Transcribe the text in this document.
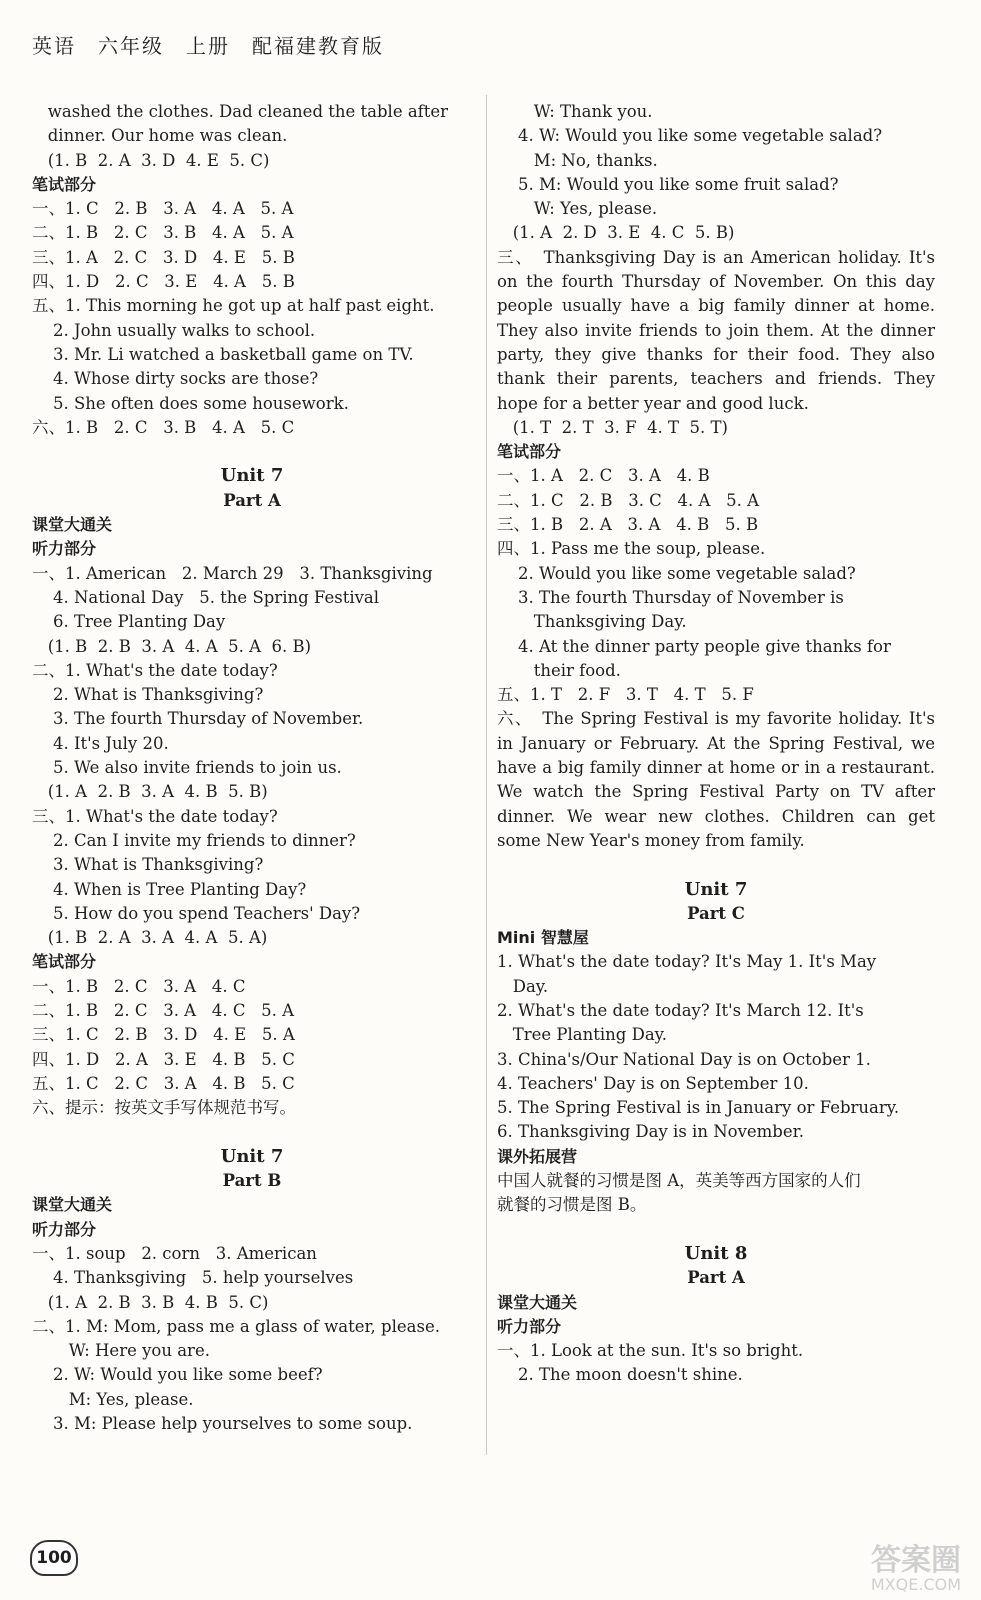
英语　六年级　上册　配福建教育版
washed the clothes. Dad cleaned the table after
dinner. Our home was clean.
(1. B  2. A  3. D  4. E  5. C)
笔试部分
一、1. C   2. B   3. A   4. A   5. A
二、1. B   2. C   3. B   4. A   5. A
三、1. A   2. C   3. D   4. E   5. B
四、1. D   2. C   3. E   4. A   5. B
五、1. This morning he got up at half past eight.
2. John usually walks to school.
3. Mr. Li watched a basketball game on TV.
4. Whose dirty socks are those?
5. She often does some housework.
六、1. B   2. C   3. B   4. A   5. C
Unit 7
Part A
课堂大通关
听力部分
一、1. American   2. March 29   3. Thanksgiving
4. National Day   5. the Spring Festival
6. Tree Planting Day
(1. B  2. B  3. A  4. A  5. A  6. B)
二、1. What's the date today?
2. What is Thanksgiving?
3. The fourth Thursday of November.
4. It's July 20.
5. We also invite friends to join us.
(1. A  2. B  3. A  4. B  5. B)
三、1. What's the date today?
2. Can I invite my friends to dinner?
3. What is Thanksgiving?
4. When is Tree Planting Day?
5. How do you spend Teachers' Day?
(1. B  2. A  3. A  4. A  5. A)
笔试部分
一、1. B   2. C   3. A   4. C
二、1. B   2. C   3. A   4. C   5. A
三、1. C   2. B   3. D   4. E   5. A
四、1. D   2. A   3. E   4. B   5. C
五、1. C   2. C   3. A   4. B   5. C
六、提示：按英文手写体规范书写。
Unit 7
Part B
课堂大通关
听力部分
一、1. soup   2. corn   3. American
4. Thanksgiving   5. help yourselves
(1. A  2. B  3. B  4. B  5. C)
二、1. M: Mom, pass me a glass of water, please.
W: Here you are.
2. W: Would you like some beef?
M: Yes, please.
3. M: Please help yourselves to some soup.
W: Thank you.
4. W: Would you like some vegetable salad?
M: No, thanks.
5. M: Would you like some fruit salad?
W: Yes, please.
(1. A  2. D  3. E  4. C  5. B)
三、　Thanksgiving Day is an American holiday. It's on the fourth Thursday of November. On this day people usually have a big family dinner at home. They also invite friends to join them. At the dinner party, they give thanks for their food. They also thank their parents, teachers and friends. They hope for a better year and good luck.
(1. T  2. T  3. F  4. T  5. T)
笔试部分
一、1. A   2. C   3. A   4. B
二、1. C   2. B   3. C   4. A   5. A
三、1. B   2. A   3. A   4. B   5. B
四、1. Pass me the soup, please.
2. Would you like some vegetable salad?
3. The fourth Thursday of November is
Thanksgiving Day.
4. At the dinner party people give thanks for
their food.
五、1. T   2. F   3. T   4. T   5. F
六、　The Spring Festival is my favorite holiday. It's in January or February. At the Spring Festival, we have a big family dinner at home or in a restaurant. We watch the Spring Festival Party on TV after dinner. We wear new clothes. Children can get some New Year's money from family.
Unit 7
Part C
Mini 智慧屋
1. What's the date today? It's May 1. It's May
Day.
2. What's the date today? It's March 12. It's
Tree Planting Day.
3. China's/Our National Day is on October 1.
4. Teachers' Day is on September 10.
5. The Spring Festival is in January or February.
6. Thanksgiving Day is in November.
课外拓展营
中国人就餐的习惯是图 A，英美等西方国家的人们
就餐的习惯是图 B。
Unit 8
Part A
课堂大通关
听力部分
一、1. Look at the sun. It's so bright.
2. The moon doesn't shine.
100	答案圈
MXQE.COM
